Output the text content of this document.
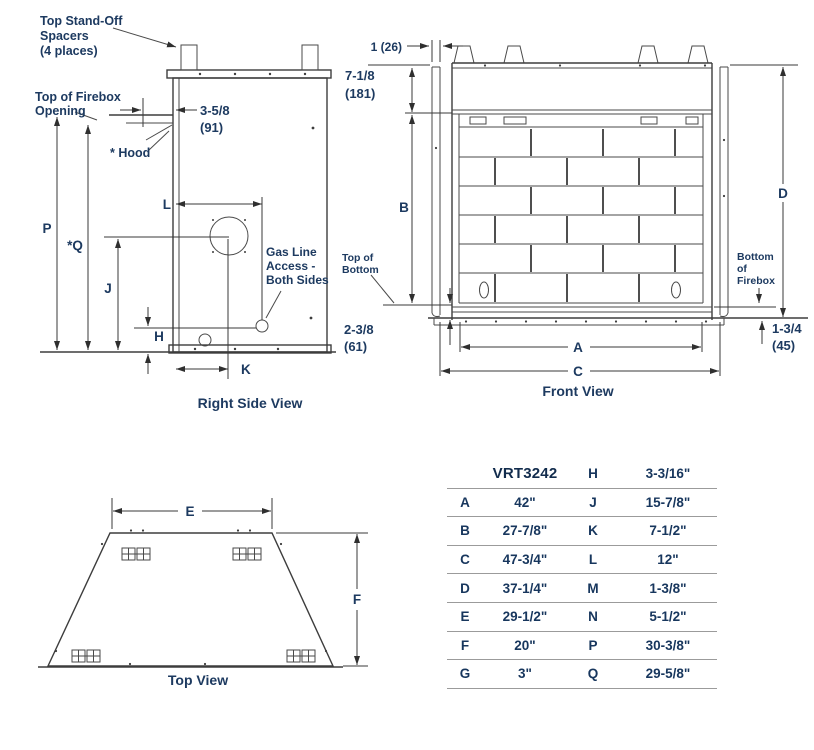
Top Stand-Off
Spacers
(4 places)
Top of Firebox
Opening
* Hood
3-5/8
(91)
P
*Q
J
H
K
L
Gas Line
Access -
Both Sides
Right Side View
1 (26)
7-1/8
(181)
B
Top of
Bottom
2-3/8
(61)	A
C
D
Bottom
of
Firebox
1-3/4
(45)
Front View
E
F
Top View
	VRT3242	H	3-3/16"
A	42"	J	15-7/8"
B	27-7/8"	K	7-1/2"
C	47-3/4"	L	12"
D	37-1/4"	M	1-3/8"
E	29-1/2"	N	5-1/2"
F	20"	P	30-3/8"
G	3"	Q	29-5/8"
